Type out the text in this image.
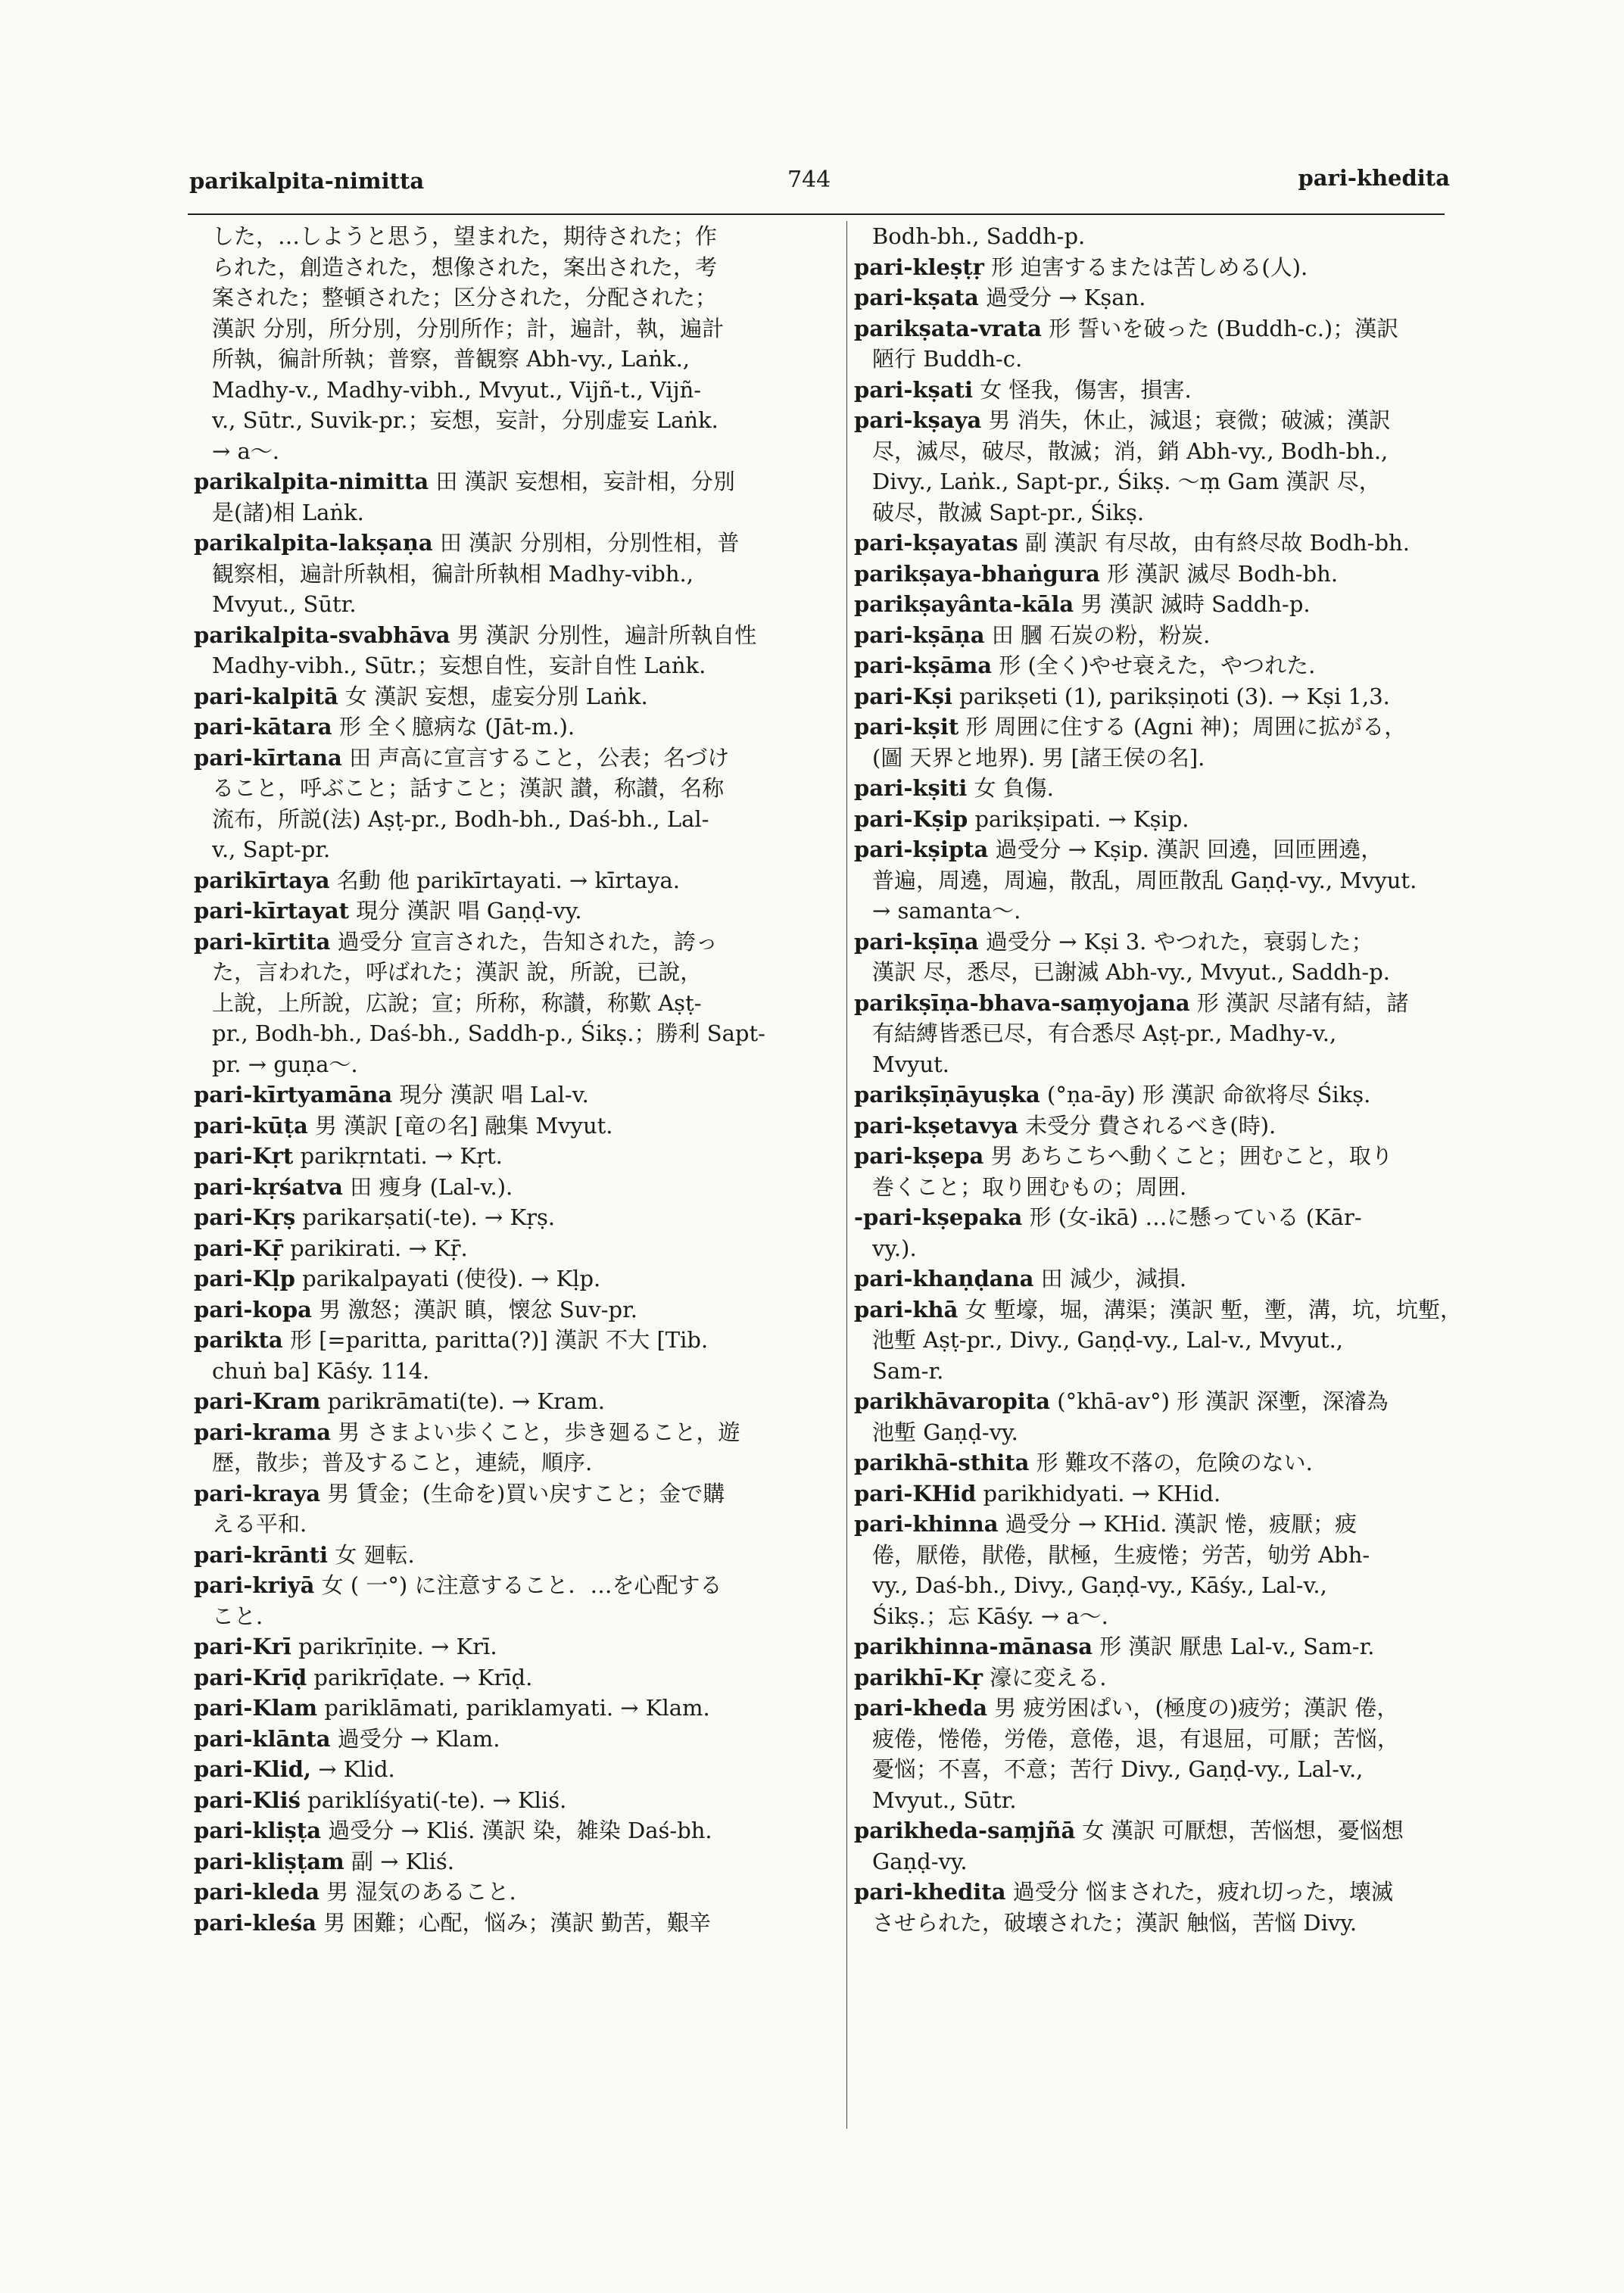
parikalpita-nimitta	744	pari-khedita
した，…しようと思う，望まれた，期待された；作
られた，創造された，想像された，案出された，考
案された；整頓された；区分された，分配された；
漢訳 分別，所分別，分別所作；計，遍計，執，遍計
所執，徧計所執；普察，普観察 Abh-vy., Laṅk.,
Madhy-v., Madhy-vibh., Mvyut., Vijñ-t., Vijñ-
v., Sūtr., Suvik-pr.；妄想，妄計，分別虚妄 Laṅk.
→ a～.
parikalpita-nimitta 田 漢訳 妄想相，妄計相，分別
是(諸)相 Laṅk.
parikalpita-lakṣaṇa 田 漢訳 分別相，分別性相，普
観察相，遍計所執相，徧計所執相 Madhy-vibh.,
Mvyut., Sūtr.
parikalpita-svabhāva 男 漢訳 分別性，遍計所執自性
Madhy-vibh., Sūtr.；妄想自性，妄計自性 Laṅk.
pari-kalpitā 女 漢訳 妄想，虚妄分別 Laṅk.
pari-kātara 形 全く臆病な (Jāt-m.).
pari-kīrtana 田 声高に宣言すること，公表；名づけ
ること，呼ぶこと；話すこと；漢訳 讃，称讃，名称
流布，所説(法) Aṣṭ-pr., Bodh-bh., Daś-bh., Lal-
v., Sapt-pr.
parikīrtaya 名動 他 parikīrtayati. → kīrtaya.
pari-kīrtayat 現分 漢訳 唱 Gaṇḍ-vy.
pari-kīrtita 過受分 宣言された，告知された，誇っ
た，言われた，呼ばれた；漢訳 說，所說，已說，
上說，上所說，広說；宣；所称，称讃，称歎 Aṣṭ-
pr., Bodh-bh., Daś-bh., Saddh-p., Śikṣ.；勝利 Sapt-
pr. → guṇa～.
pari-kīrtyamāna 現分 漢訳 唱 Lal-v.
pari-kūṭa 男 漢訳 [竜の名] 融集 Mvyut.
pari-Kṛt parikṛntati. → Kṛt.
pari-kṛśatva 田 痩身 (Lal-v.).
pari-Kṛṣ parikarṣati(-te). → Kṛṣ.
pari-Kṝ parikirati. → Kṝ.
pari-Kḷp parikalpayati (使役). → Kḷp.
pari-kopa 男 激怒；漢訳 瞋，懐忿 Suv-pr.
parikta 形 [=paritta, paritta(?)] 漢訳 不大 [Tib.
chuṅ ba] Kāśy. 114.
pari-Kram parikrāmati(te). → Kram.
pari-krama 男 さまよい歩くこと，歩き廻ること，遊
歴，散歩；普及すること，連続，順序.
pari-kraya 男 賃金；(生命を)買い戻すこと；金で購
える平和.
pari-krānti 女 廻転.
pari-kriyā 女 ( 一°) に注意すること．…を心配する
こと.
pari-Krī parikrīṇite. → Krī.
pari-Krīḍ parikrīḍate. → Krīḍ.
pari-Klam pariklāmati, pariklamyati. → Klam.
pari-klānta 過受分 → Klam.
pari-Klid, → Klid.
pari-Kliś pariklíśyati(-te). → Kliś.
pari-kliṣṭa 過受分 → Kliś. 漢訳 染，雑染 Daś-bh.
pari-kliṣṭam 副 → Kliś.
pari-kleda 男 湿気のあること.
pari-kleśa 男 困難；心配，悩み；漢訳 勤苦，艱辛
Bodh-bh., Saddh-p.
pari-kleṣṭṛ 形 迫害するまたは苦しめる(人).
pari-kṣata 過受分 → Kṣan.
parikṣata-vrata 形 誓いを破った (Buddh-c.)；漢訳
陋行 Buddh-c.
pari-kṣati 女 怪我，傷害，損害.
pari-kṣaya 男 消失，休止，減退；衰微；破滅；漢訳
尽，滅尽，破尽，散滅；消，銷 Abh-vy., Bodh-bh.,
Divy., Laṅk., Sapt-pr., Śikṣ. ～ṃ Gam 漢訳 尽，
破尽，散滅 Sapt-pr., Śikṣ.
pari-kṣayatas 副 漢訳 有尽故，由有終尽故 Bodh-bh.
parikṣaya-bhaṅgura 形 漢訳 滅尽 Bodh-bh.
parikṣayânta-kāla 男 漢訳 滅時 Saddh-p.
pari-kṣāṇa 田 膕 石炭の粉，粉炭.
pari-kṣāma 形 (全く)やせ衰えた，やつれた.
pari-Kṣi parikṣeti (1), parikṣiṇoti (3). → Kṣi 1,3.
pari-kṣit 形 周囲に住する (Agni 神)；周囲に拡がる，
(圖 天界と地界). 男 [諸王侯の名].
pari-kṣiti 女 負傷.
pari-Kṣip parikṣipati. → Kṣip.
pari-kṣipta 過受分 → Kṣip. 漢訳 回遶，回匝囲遶，
普遍，周遶，周遍，散乱，周匝散乱 Gaṇḍ-vy., Mvyut.
→ samanta～.
pari-kṣīṇa 過受分 → Kṣi 3. やつれた，衰弱した；
漢訳 尽，悉尽，已謝滅 Abh-vy., Mvyut., Saddh-p.
parikṣīṇa-bhava-saṃyojana 形 漢訳 尽諸有結，諸
有結縛皆悉已尽，有合悉尽 Aṣṭ-pr., Madhy-v.,
Mvyut.
parikṣīṇāyuṣka (°ṇa-āy) 形 漢訳 命欲将尽 Śikṣ.
pari-kṣetavya 未受分 費されるべき(時).
pari-kṣepa 男 あちこちへ動くこと；囲むこと，取り
巻くこと；取り囲むもの；周囲.
-pari-kṣepaka 形 (女-ikā) …に懸っている (Kār-
vy.).
pari-khaṇḍana 田 減少，減損.
pari-khā 女 塹壕，堀，溝渠；漢訳 塹，壍，溝，坑，坑塹，
池塹 Aṣṭ-pr., Divy., Gaṇḍ-vy., Lal-v., Mvyut.,
Sam-r.
parikhāvaropita (°khā-av°) 形 漢訳 深壍，深濬為
池塹 Gaṇḍ-vy.
parikhā-sthita 形 難攻不落の，危険のない.
pari-KHid parikhidyati. → KHid.
pari-khinna 過受分 → KHid. 漢訳 惓，疲厭；疲
倦，厭倦，猒倦，猒極，生疲惓；労苦，劬労 Abh-
vy., Daś-bh., Divy., Gaṇḍ-vy., Kāśy., Lal-v.,
Śikṣ.；忘 Kāśy. → a～.
parikhinna-mānasa 形 漢訳 厭患 Lal-v., Sam-r.
parikhī-Kṛ 濠に変える.
pari-kheda 男 疲労困ぱい，(極度の)疲労；漢訳 倦，
疲倦，惓倦，労倦，意倦，退，有退屈，可厭；苦悩，
憂悩；不喜，不意；苦行 Divy., Gaṇḍ-vy., Lal-v.,
Mvyut., Sūtr.
parikheda-saṃjñā 女 漢訳 可厭想，苦悩想，憂悩想
Gaṇḍ-vy.
pari-khedita 過受分 悩まされた，疲れ切った，壊滅
させられた，破壊された；漢訳 触悩，苦悩 Divy.
